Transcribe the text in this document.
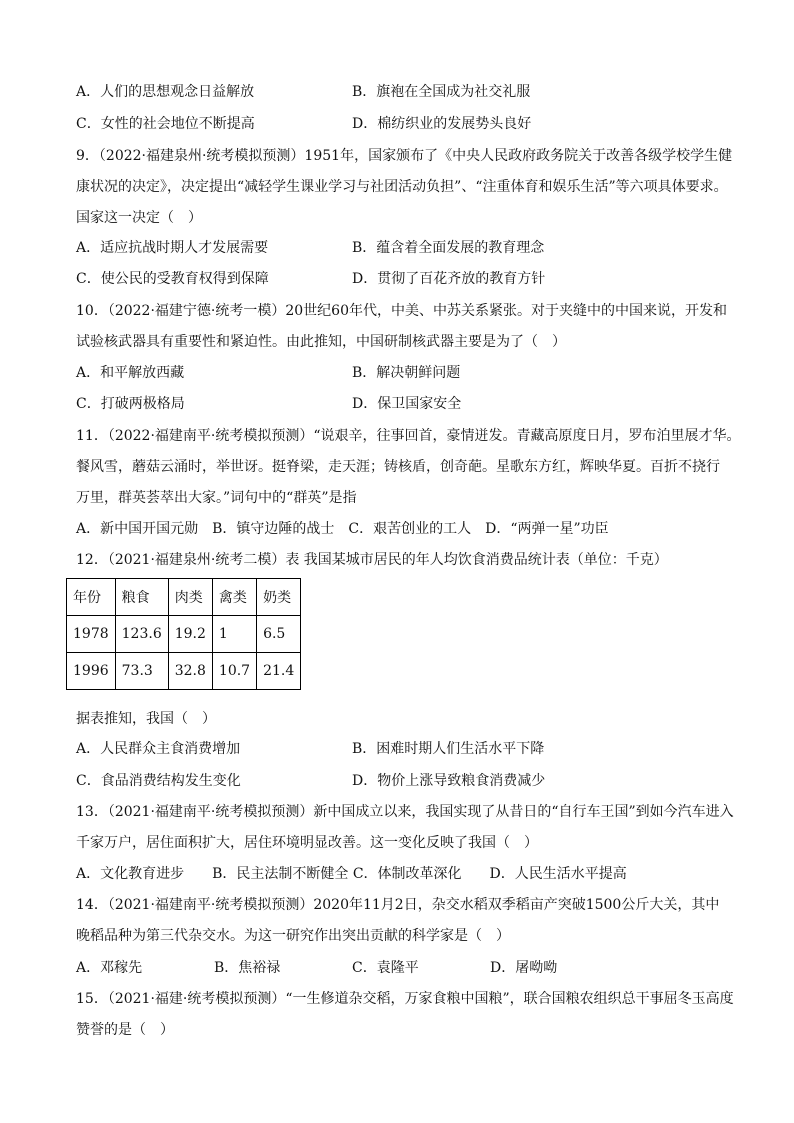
A．人们的思想观念日益解放	B．旗袍在全国成为社交礼服
C．女性的社会地位不断提高	D．棉纺织业的发展势头良好
9．（2022·福建泉州·统考模拟预测）1951年，国家颁布了《中央人民政府政务院关于改善各级学校学生健
康状况的决定》，决定提出“减轻学生课业学习与社团活动负担”、“注重体育和娱乐生活”等六项具体要求。
国家这一决定（　）
A．适应抗战时期人才发展需要	B．蕴含着全面发展的教育理念
C．使公民的受教育权得到保障	D．贯彻了百花齐放的教育方针
10．（2022·福建宁德·统考一模）20世纪60年代，中美、中苏关系紧张。对于夹缝中的中国来说，开发和
试验核武器具有重要性和紧迫性。由此推知，中国研制核武器主要是为了（　）
A．和平解放西藏	B．解决朝鲜问题
C．打破两极格局	D．保卫国家安全
11．（2022·福建南平·统考模拟预测）“说艰辛，往事回首，豪情迸发。青藏高原度日月，罗布泊里展才华。
餐风雪，蘑菇云涌时，举世讶。挺脊梁，走天涯；铸核盾，创奇葩。星歌东方红，辉映华夏。百折不挠行
万里，群英荟萃出大家。”词句中的“群英”是指
A．新中国开国元勋　B．镇守边陲的战士　C．艰苦创业的工人　D．“两弹一星”功臣
12．（2021·福建泉州·统考二模）表 我国某城市居民的年人均饮食消费品统计表（单位：千克）
年份	粮食	肉类	禽类	奶类
1978	123.6	19.2	1	6.5
1996	73.3	32.8	10.7	21.4
据表推知，我国（　）
A．人民群众主食消费增加	B．困难时期人们生活水平下降
C．食品消费结构发生变化	D．物价上涨导致粮食消费减少
13．（2021·福建南平·统考模拟预测）新中国成立以来，我国实现了从昔日的“自行车王国”到如今汽车进入
千家万户，居住面积扩大，居住环境明显改善。这一变化反映了我国（　）
A．文化教育进步　　B．民主法制不断健全 C．体制改革深化　　D．人民生活水平提高
14．（2021·福建南平·统考模拟预测）2020年11月2日，杂交水稻双季稻亩产突破1500公斤大关，其中
晚稻品种为第三代杂交水。为这一研究作出突出贡献的科学家是（　）
A．邓稼先	B．焦裕禄	C．袁隆平	D．屠呦呦
15．（2021·福建·统考模拟预测）“一生修道杂交稻，万家食粮中国粮”，联合国粮农组织总干事屈冬玉高度
赞誉的是（　）
